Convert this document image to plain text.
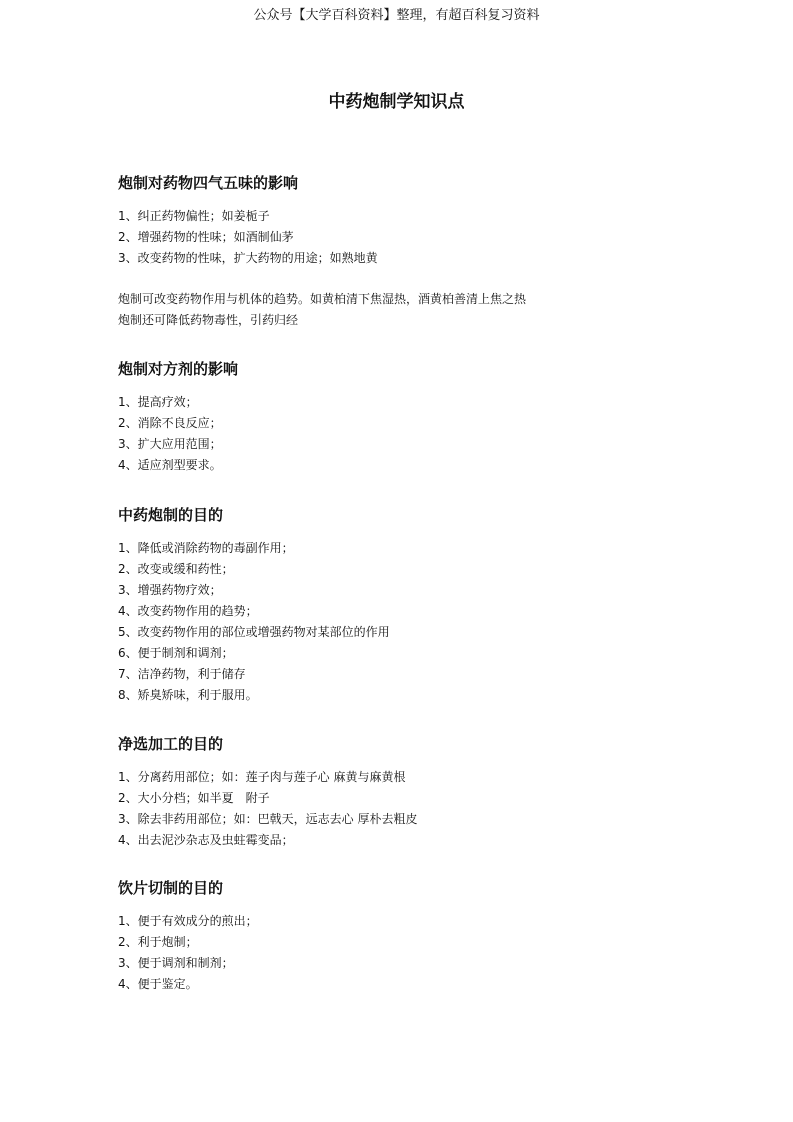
公众号【大学百科资料】整理，有超百科复习资料
中药炮制学知识点
炮制对药物四气五味的影响
1、纠正药物偏性；如姜栀子
2、增强药物的性味；如酒制仙茅
3、改变药物的性味，扩大药物的用途；如熟地黄
炮制可改变药物作用与机体的趋势。如黄柏清下焦湿热，酒黄柏善清上焦之热
炮制还可降低药物毒性，引药归经
炮制对方剂的影响
1、提高疗效；
2、消除不良反应；
3、扩大应用范围；
4、适应剂型要求。
中药炮制的目的
1、降低或消除药物的毒副作用；
2、改变或缓和药性；
3、增强药物疗效；
4、改变药物作用的趋势；
5、改变药物作用的部位或增强药物对某部位的作用
6、便于制剂和调剂；
7、洁净药物，利于储存
8、矫臭矫味，利于服用。
净选加工的目的
1、分离药用部位；如：莲子肉与莲子心 麻黄与麻黄根
2、大小分档；如半夏　附子
3、除去非药用部位；如：巴戟天，远志去心 厚朴去粗皮
4、出去泥沙杂志及虫蛀霉变品；
饮片切制的目的
1、便于有效成分的煎出；
2、利于炮制；
3、便于调剂和制剂；
4、便于鉴定。
